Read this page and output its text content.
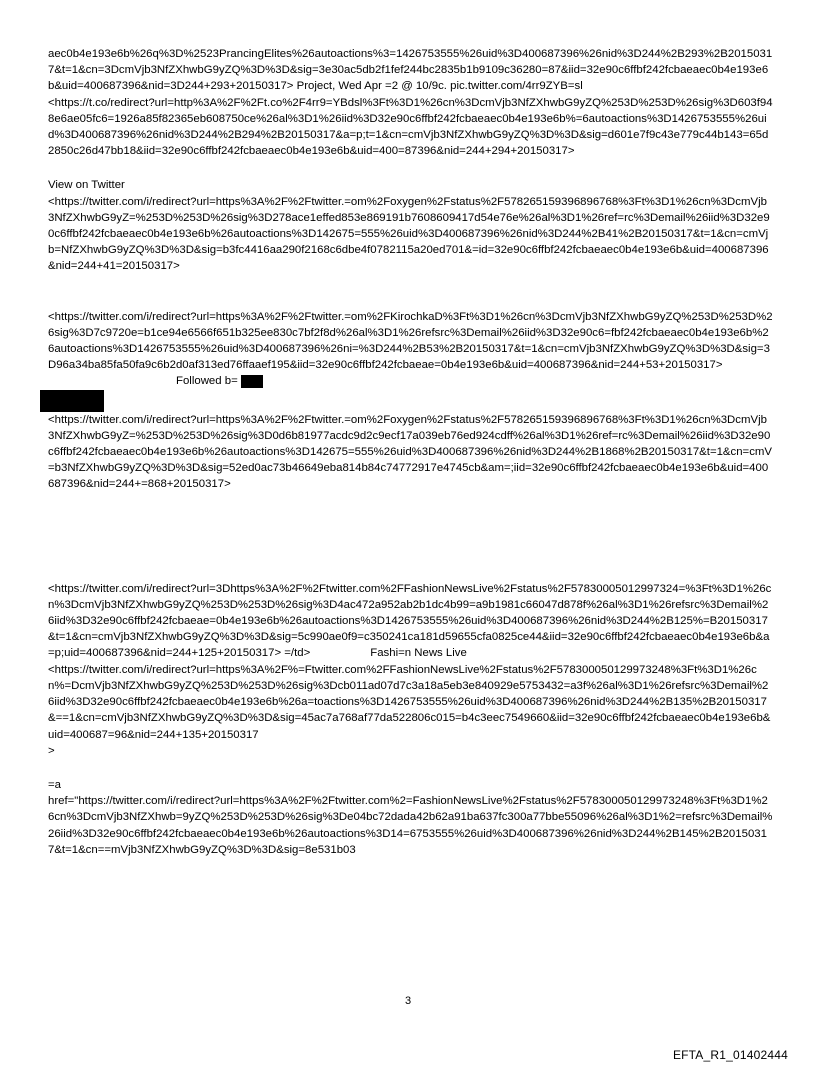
aec0b4e193e6b%26q%3D%2523PrancingElites%26autoactions%3=1426753555%26uid%3D400687396%26nid%3D244%2B293%2B20150317&t=1&cn=3DcmVjb3NfZXhwbG9yZQ%3D%3D&sig=3e30ac5db2f1fef244bc2835b1b9109c36280=87&iid=32e90c6ffbf242fcbaeaec0b4e193e6b&uid=400687396&nid=3D244+293+20150317> Project, Wed Apr =2 @ 10/9c. pic.twitter.com/4rr9ZYB=sl

<https://t.co/redirect?url=http%3A%2F%2Ft.co%2F4rr9=YBdsl%3Ft%3D1%26cn%3DcmVjb3NfZXhwbG9yZQ%253D%253D%26sig%3D603f948e6ae05fc6=1926a85f82365eb608750ce%26al%3D1%26iid%3D32e90c6ffbf242fcbaeaec0b4e193e6b%=6autoactions%3D1426753555%26uid%3D400687396%26nid%3D244%2B294%2B20150317&a=p;t=1&cn=cmVjb3NfZXhwbG9yZQ%3D%3D&sig=d601e7f9c43e779c44b143=65d2850c26d47bb18&iid=32e90c6ffbf242fcbaeaec0b4e193e6b&uid=400=87396&nid=244+294+20150317>

View on Twitter

<https://twitter.com/i/redirect?url=https%3A%2F%2Ftwitter.=om%2Foxygen%2Fstatus%2F578265159396896768%3Ft%3D1%26cn%3DcmVjb3NfZXhwbG9yZ=%253D%253D%26sig%3D278ace1effed853e869191b7608609417d54e76e%26al%3D1%26ref=rc%3Demail%26iid%3D32e90c6ffbf242fcbaeaec0b4e193e6b%26autoactions%3D142675=555%26uid%3D400687396%26nid%3D244%2B41%2B20150317&t=1&cn=cmVjb=NfZXhwbG9yZQ%3D%3D&sig=b3fc4416aa290f2168c6dbe4f0782115a20ed701&=id=32e90c6ffbf242fcbaeaec0b4e193e6b&uid=400687396&nid=244+41=20150317>

<https://twitter.com/i/redirect?url=https%3A%2F%2Ftwitter.=om%2FKirochkaD%3Ft%3D1%26cn%3DcmVjb3NfZXhwbG9yZQ%253D%253D%26sig%3D7c9720e=b1ce94e6566f651b325ee830c7bf2f8d%26al%3D1%26refsrc%3Demail%26iid%3D32e90c6=fbf242fcbaeaec0b4e193e6b%26autoactions%3D1426753555%26uid%3D400687396%26ni=%3D244%2B53%2B20150317&t=1&cn=cmVjb3NfZXhwbG9yZQ%3D%3D&sig=3D96a34ba85fa50fa9c6b2d0af313ed76ffaaef195&iid=32e90c6ffbf242fcbaeae=0b4e193e6b&uid=400687396&nid=244+53+20150317>Followed b=

<https://twitter.com/i/redirect?url=https%3A%2F%2Ftwitter.=om%2Foxygen%2Fstatus%2F578265159396896768%3Ft%3D1%26cn%3DcmVjb3NfZXhwbG9yZ=%253D%253D%26sig%3D0d6b81977acdc9d2c9ecf17a039eb76ed924cdff%26al%3D1%26ref=rc%3Demail%26iid%3D32e90c6ffbf242fcbaeaec0b4e193e6b%26autoactions%3D142675=555%26uid%3D400687396%26nid%3D244%2B1868%2B20150317&t=1&cn=cmV=b3NfZXhwbG9yZQ%3D%3D&sig=52ed0ac73b46649eba814b84c74772917e4745cb&am=;iid=32e90c6ffbf242fcbaeaec0b4e193e6b&uid=400687396&nid=244+=868+20150317>

<https://twitter.com/i/redirect?url=3Dhttps%3A%2F%2Ftwitter.com%2FFashionNewsLive%2Fstatus%2F57830005012997324=%3Ft%3D1%26cn%3DcmVjb3NfZXhwbG9yZQ%253D%253D%26sig%3D4ac472a952ab2b1dc4b99=a9b1981c66047d878f%26al%3D1%26refsrc%3Demail%26iid%3D32e90c6ffbf242fcbaeae=0b4e193e6b%26autoactions%3D1426753555%26uid%3D400687396%26nid%3D244%2B125%=B20150317&t=1&cn=cmVjb3NfZXhwbG9yZQ%3D%3D&sig=5c990ae0f9=c350241ca181d59655cfa0825ce44&iid=32e90c6ffbf242fcbaeaec0b4e193e6b&a=p;uid=400687396&nid=244+125+20150317> =/td>	Fashi=n News Live

<https://twitter.com/i/redirect?url=https%3A%2F%=Ftwitter.com%2FFashionNewsLive%2Fstatus%2F578300050129973248%3Ft%3D1%26cn%=DcmVjb3NfZXhwbG9yZQ%253D%253D%26sig%3Dcb011ad07d7c3a18a5eb3e840929e5753432=a3f%26al%3D1%26refsrc%3Demail%26iid%3D32e90c6ffbf242fcbaeaec0b4e193e6b%26a=toactions%3D1426753555%26uid%3D400687396%26nid%3D244%2B135%2B20150317&==1&cn=cmVjb3NfZXhwbG9yZQ%3D%3D&sig=45ac7a768af77da522806c015=b4c3eec7549660&iid=32e90c6ffbf242fcbaeaec0b4e193e6b&uid=400687=96&nid=244+135+20150317

>

=a

href="https://twitter.com/i/redirect?url=https%3A%2F%2Ftwitter.com%2=FashionNewsLive%2Fstatus%2F578300050129973248%3Ft%3D1%26cn%3DcmVjb3NfZXhwb=9yZQ%253D%253D%26sig%3De04bc72dada42b62a91ba637fc300a77bbe55096%26al%3D1%2=refsrc%3Demail%26iid%3D32e90c6ffbf242fcbaeaec0b4e193e6b%26autoactions%3D14=6753555%26uid%3D400687396%26nid%3D244%2B145%2B20150317&t=1&cn==mVjb3NfZXhwbG9yZQ%3D%3D&sig=8e531b03

3
EFTA_R1_01402444
